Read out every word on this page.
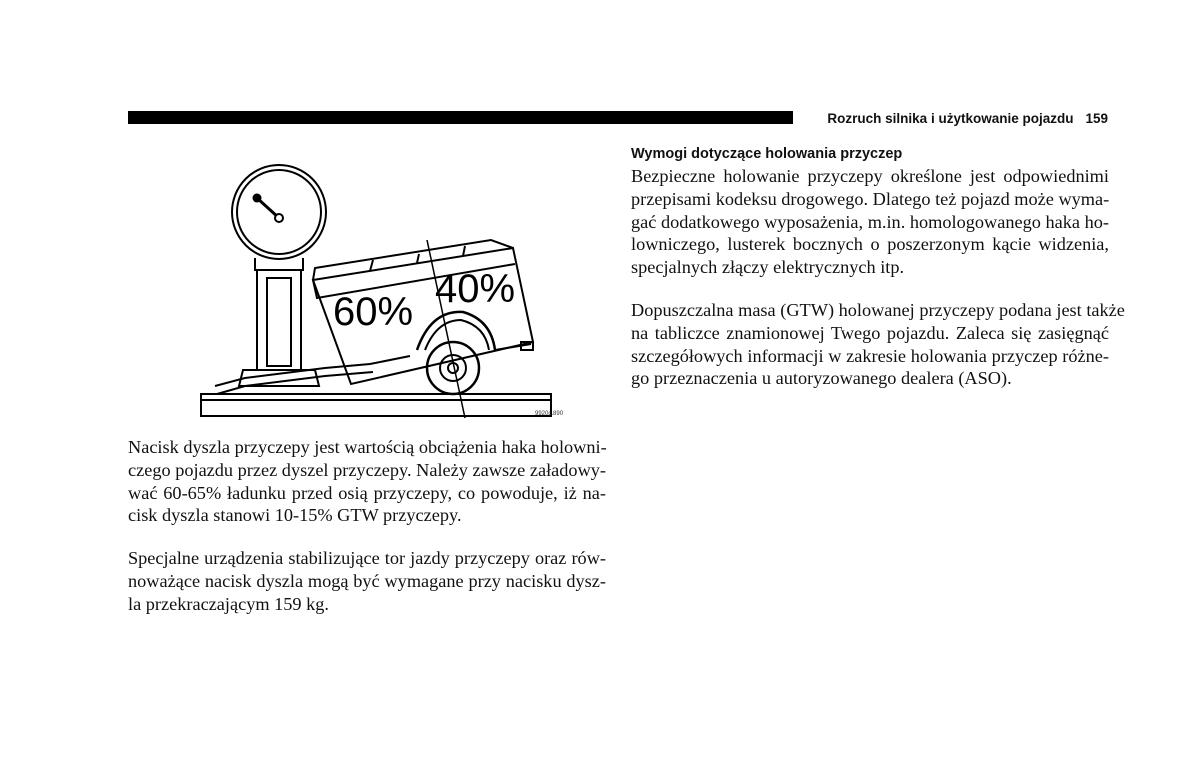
Rozruch silnika i użytkowanie pojazdu 159
60%
40%
9920c.890
Nacisk dyszla przyczepy jest wartością obciążenia haka holowni-
czego pojazdu przez dyszel przyczepy. Należy zawsze załadowy-
wać 60-65% ładunku przed osią przyczepy, co powoduje, iż na-
cisk dyszla stanowi 10-15% GTW przyczepy.
Specjalne urządzenia stabilizujące tor jazdy przyczepy oraz rów-
noważące nacisk dyszla mogą być wymagane przy nacisku dysz-
la przekraczającym 159 kg.
Wymogi dotyczące holowania przyczep
Bezpieczne holowanie przyczepy określone jest odpowiednimi
przepisami kodeksu drogowego. Dlatego też pojazd może wyma-
gać dodatkowego wyposażenia, m.in. homologowanego haka ho-
lowniczego, lusterek bocznych o poszerzonym kącie widzenia,
specjalnych złączy elektrycznych itp.
Dopuszczalna masa (GTW) holowanej przyczepy podana jest także
na tabliczce znamionowej Twego pojazdu. Zaleca się zasięgnąć
szczegółowych informacji w zakresie holowania przyczep różne-
go przeznaczenia u autoryzowanego dealera (ASO).
